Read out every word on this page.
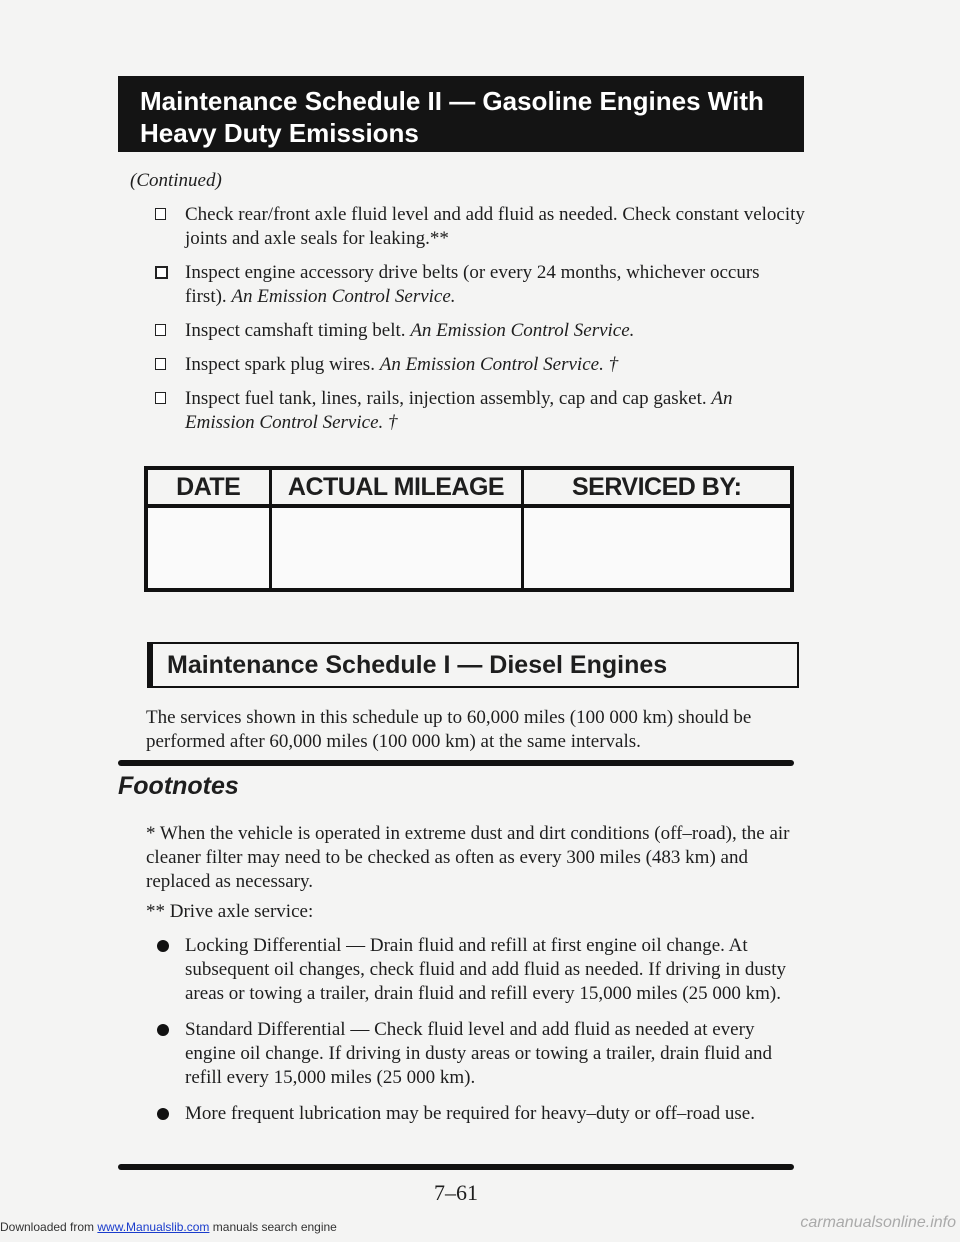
Maintenance Schedule II — Gasoline Engines With
Heavy Duty Emissions
(Continued)
Check rear/front axle fluid level and add fluid as needed. Check constant velocity joints and axle seals for leaking.**
Inspect engine accessory drive belts (or every 24 months, whichever occurs first). An Emission Control Service.
Inspect camshaft timing belt. An Emission Control Service.
Inspect spark plug wires. An Emission Control Service. †
Inspect fuel tank, lines, rails, injection assembly, cap and cap gasket. An Emission Control Service. †
DATE	ACTUAL MILEAGE	SERVICED BY:

Maintenance Schedule I — Diesel Engines
The services shown in this schedule up to 60,000 miles (100 000 km) should be performed after 60,000 miles (100 000 km) at the same intervals.
Footnotes
* When the vehicle is operated in extreme dust and dirt conditions (off–road), the air cleaner filter may need to be checked as often as every 300 miles (483 km) and replaced as necessary.
** Drive axle service:
Locking Differential — Drain fluid and refill at first engine oil change. At subsequent oil changes, check fluid and add fluid as needed. If driving in dusty areas or towing a trailer, drain fluid and refill every 15,000 miles (25 000 km).
Standard Differential — Check fluid level and add fluid as needed at every engine oil change. If driving in dusty areas or towing a trailer, drain fluid and refill every 15,000 miles (25 000 km).
More frequent lubrication may be required for heavy–duty or off–road use.
7–61
Downloaded from www.Manualslib.com manuals search engine	carmanualsonline.info
